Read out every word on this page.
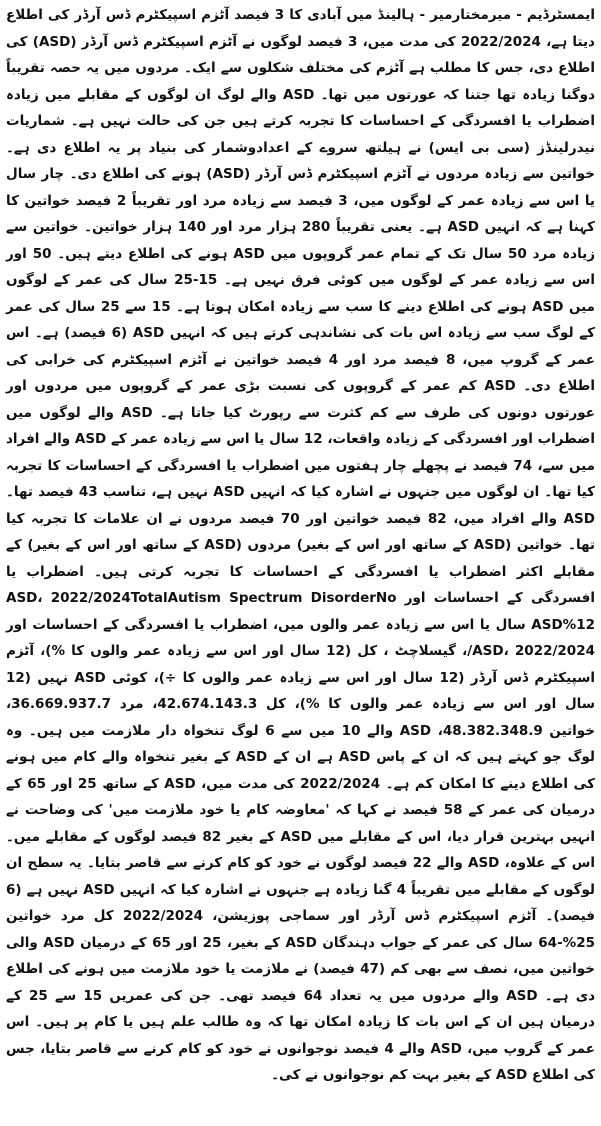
ایمسٹرڈیم - میرمختارمیر - ہالینڈ میں آبادی کا 3 فیصد آٹزم اسپیکٹرم ڈس آرڈر کی اطلاع دیتا ہے، 2022/2024 کی مدت میں، 3 فیصد لوگوں نے آٹزم اسپیکٹرم ڈس آرڈر (ASD) کی اطلاع دی، جس کا مطلب ہے آٹزم کی مختلف شکلوں سے ایک۔ مردوں میں یہ حصہ تقریباً دوگنا زیادہ تھا جتنا کہ عورتوں میں تھا۔ ASD والے لوگ ان لوگوں کے مقابلے میں زیادہ اضطراب یا افسردگی کے احساسات کا تجربہ کرتے ہیں جن کی حالت نہیں ہے۔ شماریات نیدرلینڈز (سی بی ایس) نے ہیلتھ سروے کے اعدادوشمار کی بنیاد پر یہ اطلاع دی ہے۔ خواتین سے زیادہ مردوں نے آٹزم اسپیکٹرم ڈس آرڈر (ASD) ہونے کی اطلاع دی۔ چار سال یا اس سے زیادہ عمر کے لوگوں میں، 3 فیصد سے زیادہ مرد اور تقریباً 2 فیصد خواتین کا کہنا ہے کہ انہیں ASD ہے۔ یعنی تقریباً 280 ہزار مرد اور 140 ہزار خواتین۔ خواتین سے زیادہ مرد 50 سال تک کے تمام عمر گروپوں میں ASD ہونے کی اطلاع دیتے ہیں۔ 50 اور اس سے زیادہ عمر کے لوگوں میں کوئی فرق نہیں ہے۔ 15-25 سال کی عمر کے لوگوں میں ASD ہونے کی اطلاع دینے کا سب سے زیادہ امکان ہوتا ہے۔ 15 سے 25 سال کی عمر کے لوگ سب سے زیادہ اس بات کی نشاندہی کرتے ہیں کہ انہیں ASD (6 فیصد) ہے۔ اس عمر کے گروپ میں، 8 فیصد مرد اور 4 فیصد خواتین نے آٹزم اسپیکٹرم کی خرابی کی اطلاع دی۔ ASD کم عمر کے گروپوں کی نسبت بڑی عمر کے گروپوں میں مردوں اور عورتوں دونوں کی طرف سے کم کثرت سے رپورٹ کیا جاتا ہے۔ ASD والے لوگوں میں اضطراب اور افسردگی کے زیادہ واقعات، 12 سال یا اس سے زیادہ عمر کے ASD والے افراد میں سے، 74 فیصد نے پچھلے چار ہفتوں میں اضطراب یا افسردگی کے احساسات کا تجربہ کیا تھا۔ ان لوگوں میں جنہوں نے اشارہ کیا کہ انہیں ASD نہیں ہے، تناسب 43 فیصد تھا۔ ASD والے افراد میں، 82 فیصد خواتین اور 70 فیصد مردوں نے ان علامات کا تجربہ کیا تھا۔ خواتین (ASD کے ساتھ اور اس کے بغیر) مردوں (ASD کے ساتھ اور اس کے بغیر) کے مقابلے اکثر اضطراب یا افسردگی کے احساسات کا تجربہ کرتی ہیں۔ اضطراب یا افسردگی کے احساسات اور ASD، 2022/2024TotalAutism Spectrum DisorderNo ASD%12 سال یا اس سے زیادہ عمر والوں میں، اضطراب یا افسردگی کے احساسات اور ASD، 2022/2024/، گیسلاچٹ ، کل (12 سال اور اس سے زیادہ عمر والوں کا %)، آٹزم اسپیکٹرم ڈس آرڈر (12 سال اور اس سے زیادہ عمر والوں کا ÷)، کوئی ASD نہیں (12 سال اور اس سے زیادہ عمر والوں کا %)، کل 42.674.143.3، مرد 36.669.937.7، خواتین 48.382.348.9، ASD والے 10 میں سے 6 لوگ تنخواہ دار ملازمت میں ہیں۔ وہ لوگ جو کہتے ہیں کہ ان کے پاس ASD ہے ان کے ASD کے بغیر تنخواہ والے کام میں ہونے کی اطلاع دینے کا امکان کم ہے۔ 2022/2024 کی مدت میں، ASD کے ساتھ 25 اور 65 کے درمیان کی عمر کے 58 فیصد نے کہا کہ 'معاوضہ کام یا خود ملازمت میں' کی وضاحت نے انہیں بہترین قرار دیا، اس کے مقابلے میں ASD کے بغیر 82 فیصد لوگوں کے مقابلے میں۔ اس کے علاوہ، ASD والے 22 فیصد لوگوں نے خود کو کام کرنے سے قاصر بتایا۔ یہ سطح ان لوگوں کے مقابلے میں تقریباً 4 گنا زیادہ ہے جنہوں نے اشارہ کیا کہ انہیں ASD نہیں ہے (6 فیصد)۔ آٹزم اسپیکٹرم ڈس آرڈر اور سماجی پوزیشن، 2022/2024 کل مرد خواتین 25%-64 سال کی عمر کے جواب دہندگان ASD کے بغیر، 25 اور 65 کے درمیان ASD والی خواتین میں، نصف سے بھی کم (47 فیصد) نے ملازمت یا خود ملازمت میں ہونے کی اطلاع دی ہے۔ ASD والے مردوں میں یہ تعداد 64 فیصد تھی۔ جن کی عمریں 15 سے 25 کے درمیان ہیں ان کے اس بات کا زیادہ امکان تھا کہ وہ طالب علم ہیں یا کام پر ہیں۔ اس عمر کے گروپ میں، ASD والے 4 فیصد نوجوانوں نے خود کو کام کرنے سے قاصر بتایا، جس کی اطلاع ASD کے بغیر بہت کم نوجوانوں نے کی۔
